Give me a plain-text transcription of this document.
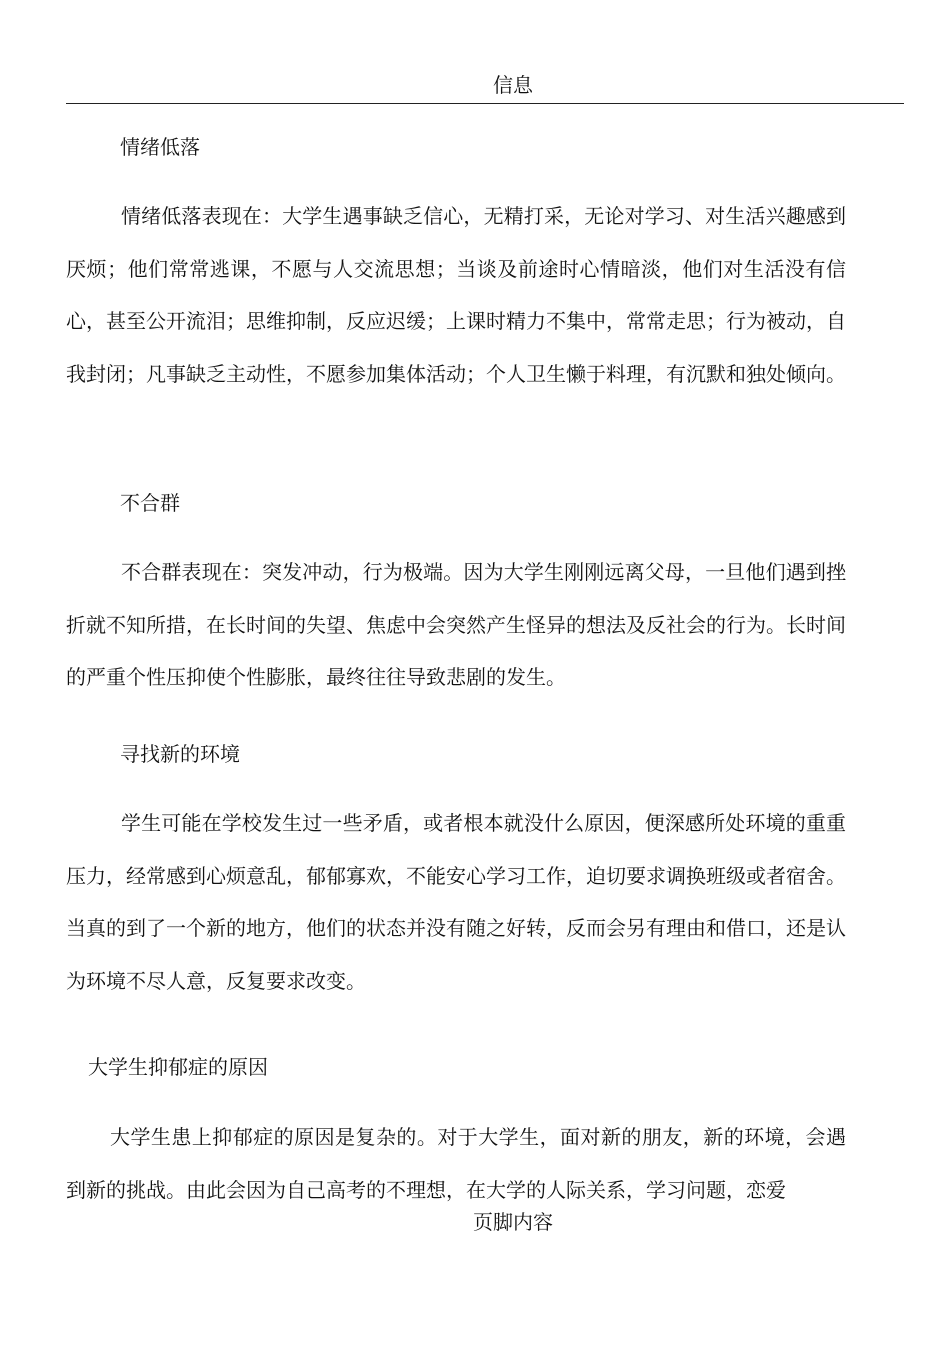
信息
情绪低落

情绪低落表现在：大学生遇事缺乏信心，无精打采，无论对学习、对生活兴趣感到厌烦；他们常常逃课，不愿与人交流思想；当谈及前途时心情暗淡，他们对生活没有信心，甚至公开流泪；思维抑制，反应迟缓；上课时精力不集中，常常走思；行为被动，自我封闭；凡事缺乏主动性，不愿参加集体活动；个人卫生懒于料理，有沉默和独处倾向。

不合群

不合群表现在：突发冲动，行为极端。因为大学生刚刚远离父母，一旦他们遇到挫折就不知所措，在长时间的失望、焦虑中会突然产生怪异的想法及反社会的行为。长时间的严重个性压抑使个性膨胀，最终往往导致悲剧的发生。

寻找新的环境

学生可能在学校发生过一些矛盾，或者根本就没什么原因，便深感所处环境的重重压力，经常感到心烦意乱，郁郁寡欢，不能安心学习工作，迫切要求调换班级或者宿舍。当真的到了一个新的地方，他们的状态并没有随之好转，反而会另有理由和借口，还是认为环境不尽人意，反复要求改变。

大学生抑郁症的原因

大学生患上抑郁症的原因是复杂的。对于大学生，面对新的朋友，新的环境，会遇到新的挑战。由此会因为自己高考的不理想，在大学的人际关系，学习问题，恋爱

页脚内容
